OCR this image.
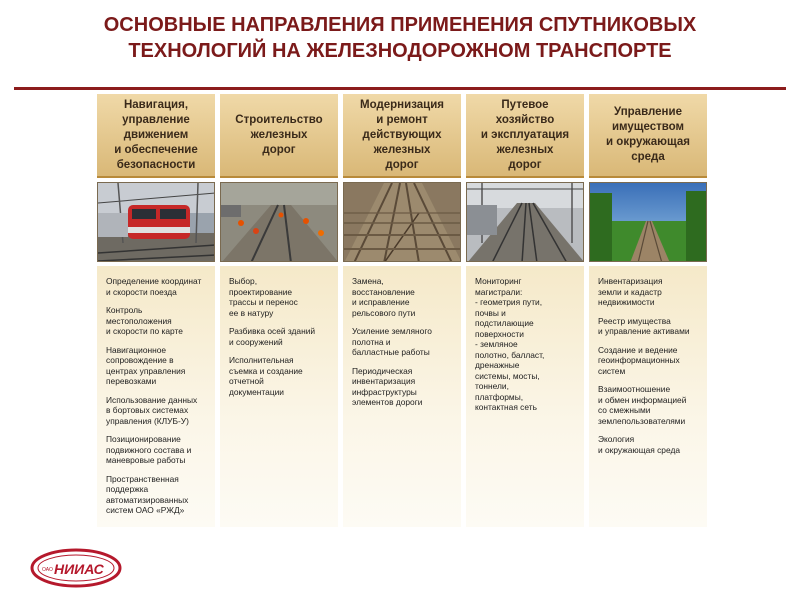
ОСНОВНЫЕ НАПРАВЛЕНИЯ ПРИМЕНЕНИЯ СПУТНИКОВЫХ
ТЕХНОЛОГИЙ НА ЖЕЛЕЗНОДОРОЖНОМ ТРАНСПОРТЕ
Навигация,
управление
движением
и обеспечение
безопасности
Определение координат
и скорости поезда
Контроль
местоположения
и скорости по карте
Навигационное
сопровождение в
центрах управления
перевозками
Использование данных
в бортовых системах
управления (КЛУБ-У)
Позиционирование
подвижного состава и
маневровые работы
Пространственная
поддержка
автоматизированных
систем ОАО «РЖД»
Строительство
железных
дорог
Выбор,
проектирование
трассы и перенос
ее в натуру
Разбивка осей зданий
и сооружений
Исполнительная
съемка и создание
отчетной
документации
Модернизация
и ремонт
действующих
железных
дорог
Замена,
восстановление
и исправление
рельсового пути
Усиление земляного
полотна и
балластные работы
Периодическая
инвентаризация
инфраструктуры
элементов дороги
Путевое
хозяйство
и эксплуатация
железных
дорог
Мониторинг
магистрали:
- геометрия пути,
почвы и
подстилающие
поверхности
- земляное
полотно, балласт,
дренажные
системы, мосты,
тоннели,
платформы,
контактная сеть
Управление
имуществом
и окружающая
среда
Инвентаризация
земли и кадастр
недвижимости
Реестр имущества
и управление активами
Создание и ведение
геоинформационных
систем
Взаимоотношение
и обмен информацией
со смежными
землепользователями
Экология
и окружающая среда
ОАО НИИАС
